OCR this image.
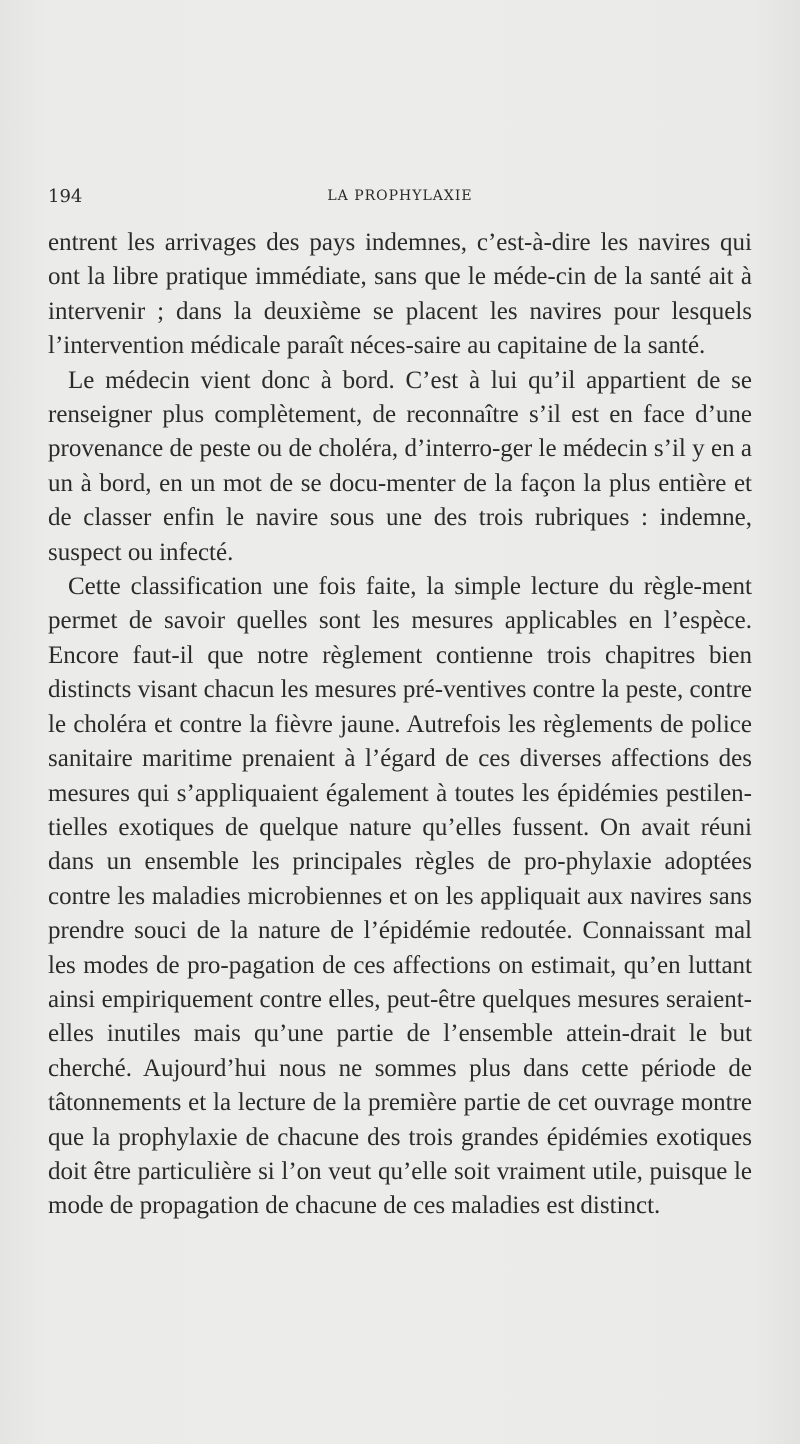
194	LA PROPHYLAXIE

entrent les arrivages des pays indemnes, c’est-à-dire les navires qui ont la libre pratique immédiate, sans que le méde-cin de la santé ait à intervenir ; dans la deuxième se placent les navires pour lesquels l’intervention médicale paraît néces-saire au capitaine de la santé.

Le médecin vient donc à bord. C’est à lui qu’il appartient de se renseigner plus complètement, de reconnaître s’il est en face d’une provenance de peste ou de choléra, d’interro-ger le médecin s’il y en a un à bord, en un mot de se docu-menter de la façon la plus entière et de classer enfin le navire sous une des trois rubriques : indemne, suspect ou infecté.

Cette classification une fois faite, la simple lecture du règle-ment permet de savoir quelles sont les mesures applicables en l’espèce. Encore faut-il que notre règlement contienne trois chapitres bien distincts visant chacun les mesures pré-ventives contre la peste, contre le choléra et contre la fièvre jaune. Autrefois les règlements de police sanitaire maritime prenaient à l’égard de ces diverses affections des mesures qui s’appliquaient également à toutes les épidémies pestilen-tielles exotiques de quelque nature qu’elles fussent. On avait réuni dans un ensemble les principales règles de pro-phylaxie adoptées contre les maladies microbiennes et on les appliquait aux navires sans prendre souci de la nature de l’épidémie redoutée. Connaissant mal les modes de pro-pagation de ces affections on estimait, qu’en luttant ainsi empiriquement contre elles, peut-être quelques mesures seraient-elles inutiles mais qu’une partie de l’ensemble attein-drait le but cherché. Aujourd’hui nous ne sommes plus dans cette période de tâtonnements et la lecture de la première partie de cet ouvrage montre que la prophylaxie de chacune des trois grandes épidémies exotiques doit être particulière si l’on veut qu’elle soit vraiment utile, puisque le mode de propagation de chacune de ces maladies est distinct.
